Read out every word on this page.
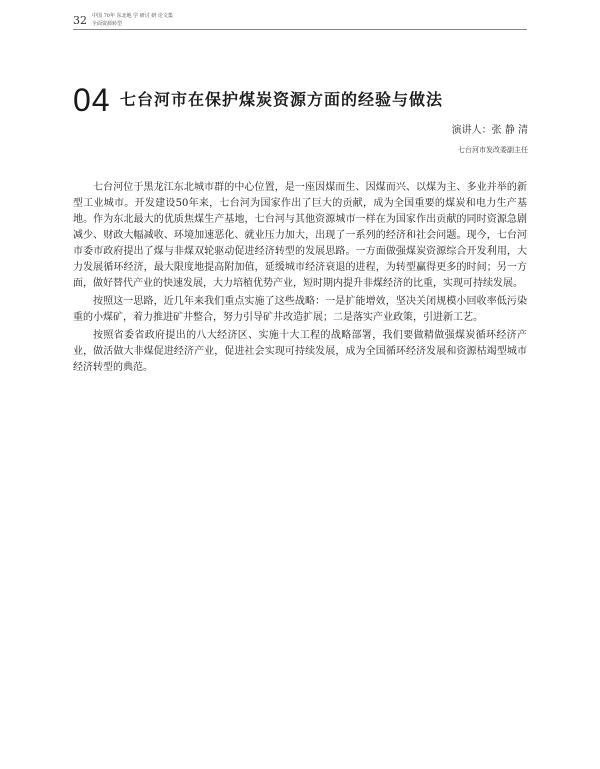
32 中国 70年 东北地 学 研讨 研 论文集
全面资源转型
04 七台河市在保护煤炭资源方面的经验与做法
演讲人：张 静 清
七台河市发改委副主任

七台河位于黑龙江东北城市群的中心位置，是一座因煤而生、因煤而兴、以煤为主、多业并举的新型工业城市。开发建设50年来，七台河为国家作出了巨大的贡献，成为全国重要的煤炭和电力生产基地。作为东北最大的优质焦煤生产基地，七台河与其他资源城市一样在为国家作出贡献的同时资源急剧减少、财政大幅减收、环境加速恶化、就业压力加大，出现了一系列的经济和社会问题。现今，七台河市委市政府提出了煤与非煤双轮驱动促进经济转型的发展思路。一方面做强煤炭资源综合开发利用，大力发展循环经济，最大限度地提高附加值，延缓城市经济衰退的进程，为转型赢得更多的时间；另一方面，做好替代产业的快速发展，大力培植优势产业，短时期内提升非煤经济的比重，实现可持续发展。

按照这一思路，近几年来我们重点实施了这些战略：一是扩能增效，坚决关闭规模小回收率低污染重的小煤矿，着力推进矿井整合，努力引导矿井改造扩展；二是落实产业政策，引进新工艺。

按照省委省政府提出的八大经济区、实施十大工程的战略部署，我们要做精做强煤炭循环经济产业，做活做大非煤促进经济产业，促进社会实现可持续发展，成为全国循环经济发展和资源枯竭型城市经济转型的典范。
